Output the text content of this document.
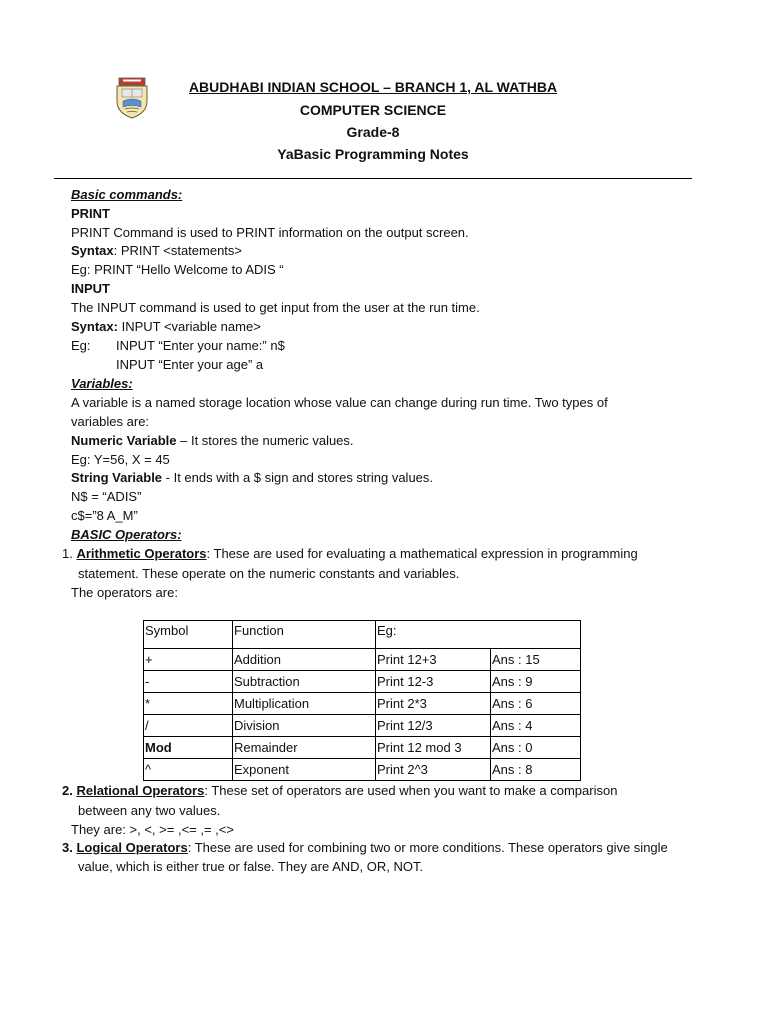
ABUDHABI INDIAN SCHOOL – BRANCH 1, AL WATHBA
COMPUTER SCIENCE
Grade-8
YaBasic Programming Notes
Basic commands:
PRINT
PRINT Command is used to PRINT information on the output screen.
Syntax: PRINT <statements>
Eg: PRINT “Hello Welcome to ADIS “
INPUT
The INPUT command is used to get input from the user at the run time.
Syntax: INPUT <variable name>
Eg: INPUT “Enter your name:” n$
INPUT “Enter your age” a
Variables:
A variable is a named storage location whose value can change during run time. Two types of
variables are:
Numeric Variable – It stores the numeric values.
Eg: Y=56, X = 45
String Variable - It ends with a $ sign and stores string values.
N$ = “ADIS”
c$=”8 A_M”
BASIC Operators:
1. Arithmetic Operators: These are used for evaluating a mathematical expression in programming
statement. These operate on the numeric constants and variables.
The operators are:
Symbol	Function	Eg:	
+	Addition	Print 12+3	Ans : 15
-	Subtraction	Print 12-3	Ans : 9
*	Multiplication	Print 2*3	Ans : 6
/	Division	Print 12/3	Ans : 4
Mod	Remainder	Print 12 mod 3	Ans : 0
^	Exponent	Print 2^3	Ans : 8
2. Relational Operators: These set of operators are used when you want to make a comparison
between any two values.
They are: >, <, >= ,<= ,= ,<>
3. Logical Operators: These are used for combining two or more conditions. These operators give single
value, which is either true or false. They are AND, OR, NOT.
